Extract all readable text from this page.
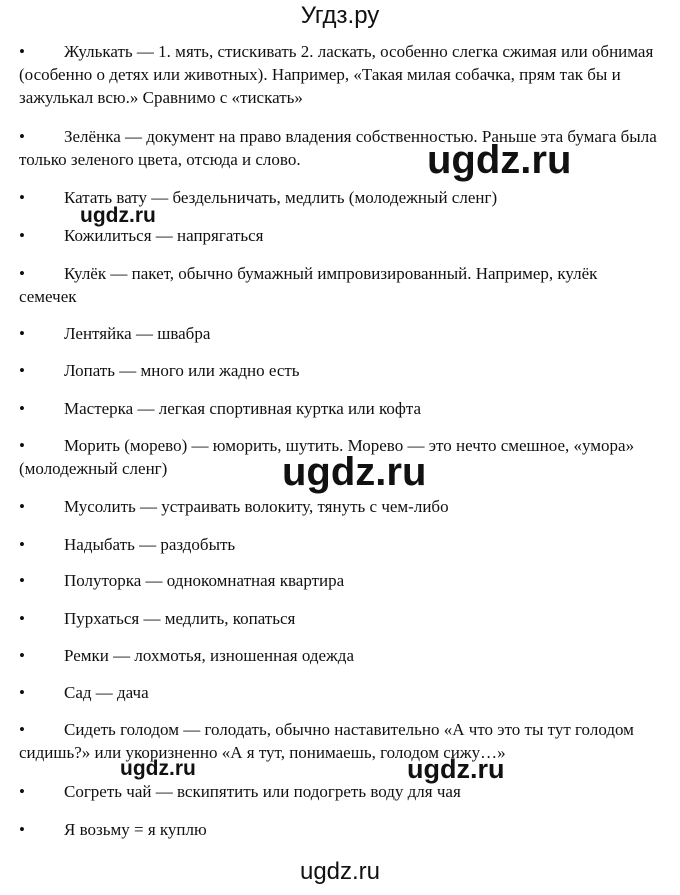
Угдз.ру
•	Жулькать — 1. мять, стискивать 2. ласкать, особенно слегка сжимая или обнимая (особенно о детях или животных). Например, «Такая милая собачка, прям так бы и зажулькал всю.» Сравнимо с «тискать»
•	Зелёнка — документ на право владения собственностью. Раньше эта бумага была только зеленого цвета, отсюда и слово.
•	Катать вату — бездельничать, медлить (молодежный сленг)
•	Кожилиться — напрягаться
•	Кулёк — пакет, обычно бумажный импровизированный. Например, кулёк семечек
•	Лентяйка — швабра
•	Лопать — много или жадно есть
•	Мастерка — легкая спортивная куртка или кофта
•	Морить (морево) — юморить, шутить. Морево — это нечто смешное, «умора» (молодежный сленг)
•	Мусолить — устраивать волокиту, тянуть с чем-либо
•	Надыбать — раздобыть
•	Полуторка — однокомнатная квартира
•	Пурхаться — медлить, копаться
•	Ремки — лохмотья, изношенная одежда
•	Сад — дача
•	Сидеть голодом — голодать, обычно наставительно «А что это ты тут голодом сидишь?» или укоризненно «А я тут, понимаешь, голодом сижу…»
•	Согреть чай — вскипятить или подогреть воду для чая
•	Я возьму = я куплю
ugdz.ru
ugdz.ru
ugdz.ru
ugdz.ru	ugdz.ru
ugdz.ru
